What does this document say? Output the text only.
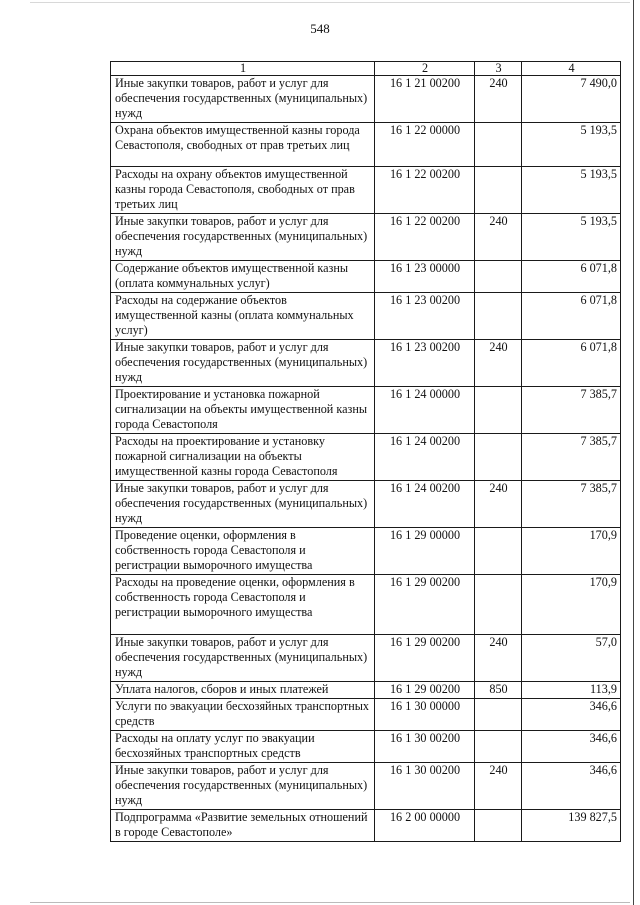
548
1	2	3	4
Иные закупки товаров, работ и услуг для обеспечения государственных (муниципальных) нужд	16 1 21 00200	240	7 490,0
Охрана объектов имущественной казны города Севастополя, свободных от прав третьих лиц	16 1 22 00000		5 193,5
Расходы на охрану объектов имущественной казны города Севастополя, свободных от прав третьих лиц	16 1 22 00200		5 193,5
Иные закупки товаров, работ и услуг для обеспечения государственных (муниципальных) нужд	16 1 22 00200	240	5 193,5
Содержание объектов имущественной казны (оплата коммунальных услуг)	16 1 23 00000		6 071,8
Расходы на содержание объектов имущественной казны (оплата коммунальных услуг)	16 1 23 00200		6 071,8
Иные закупки товаров, работ и услуг для обеспечения государственных (муниципальных) нужд	16 1 23 00200	240	6 071,8
Проектирование и установка пожарной сигнализации на объекты имущественной казны города Севастополя	16 1 24 00000		7 385,7
Расходы на проектирование и установку пожарной сигнализации на объекты имущественной казны города Севастополя	16 1 24 00200		7 385,7
Иные закупки товаров, работ и услуг для обеспечения государственных (муниципальных) нужд	16 1 24 00200	240	7 385,7
Проведение оценки, оформления в собственность города Севастополя и регистрации выморочного имущества	16 1 29 00000		170,9
Расходы на проведение оценки, оформления в собственность города Севастополя и регистрации выморочного имущества	16 1 29 00200		170,9
Иные закупки товаров, работ и услуг для обеспечения государственных (муниципальных) нужд	16 1 29 00200	240	57,0
Уплата налогов, сборов и иных платежей	16 1 29 00200	850	113,9
Услуги по эвакуации бесхозяйных транспортных средств	16 1 30 00000		346,6
Расходы на оплату услуг по эвакуации бесхозяйных транспортных средств	16 1 30 00200		346,6
Иные закупки товаров, работ и услуг для обеспечения государственных (муниципальных) нужд	16 1 30 00200	240	346,6
Подпрограмма «Развитие земельных отношений в городе Севастополе»	16 2 00 00000		139 827,5
